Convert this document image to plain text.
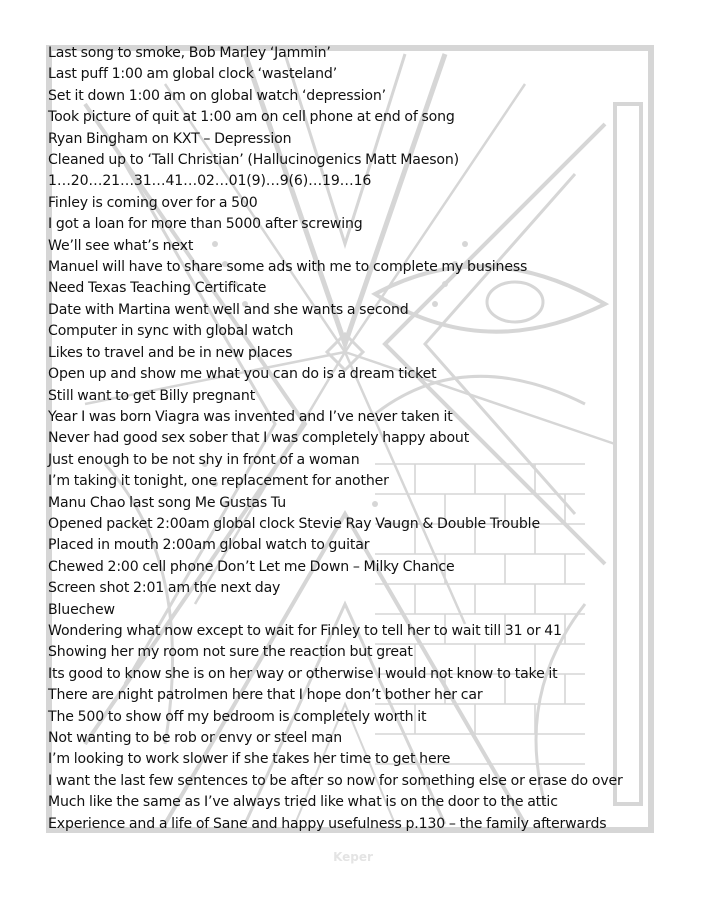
Last song to smoke, Bob Marley ‘Jammin’
Last puff 1:00 am global clock ‘wasteland’
Set it down 1:00 am on global watch ‘depression’
Took picture of quit at 1:00 am on cell phone at end of song
Ryan Bingham on KXT – Depression
Cleaned up to ‘Tall Christian’ (Hallucinogenics Matt Maeson)
1…20…21…31…41…02…01(9)…9(6)…19…16
Finley is coming over for a 500
I got a loan for more than 5000 after screwing
We’ll see what’s next
Manuel will have to share some ads with me to complete my business
Need Texas Teaching Certificate
Date with Martina went well and she wants a second
Computer in sync with global watch
Likes to travel and be in new places
Open up and show me what you can do is a dream ticket
Still want to get Billy pregnant
Year I was born Viagra was invented and I’ve never taken it
Never had good sex sober that I was completely happy about
Just enough to be not shy in front of a woman
I’m taking it tonight, one replacement for another
Manu Chao last song Me Gustas Tu
Opened packet 2:00am global clock Stevie Ray Vaugn & Double Trouble
Placed in mouth 2:00am global watch to guitar
Chewed 2:00 cell phone Don’t Let me Down – Milky Chance
Screen shot 2:01 am the next day
Bluechew
Wondering what now except to wait for Finley to tell her to wait till 31 or 41
Showing her my room not sure the reaction but great
Its good to know she is on her way or otherwise I would not know to take it
There are night patrolmen here that I hope don’t bother her car
The 500 to show off my bedroom is completely worth it
Not wanting to be rob or envy or steel man
I’m looking to work slower if she takes her time to get here
I want the last few sentences to be after so now for something else or erase do over
Much like the same as I’ve always tried like what is on the door to the attic
Experience and a life of Sane and happy usefulness p.130 – the family afterwards
Keper
